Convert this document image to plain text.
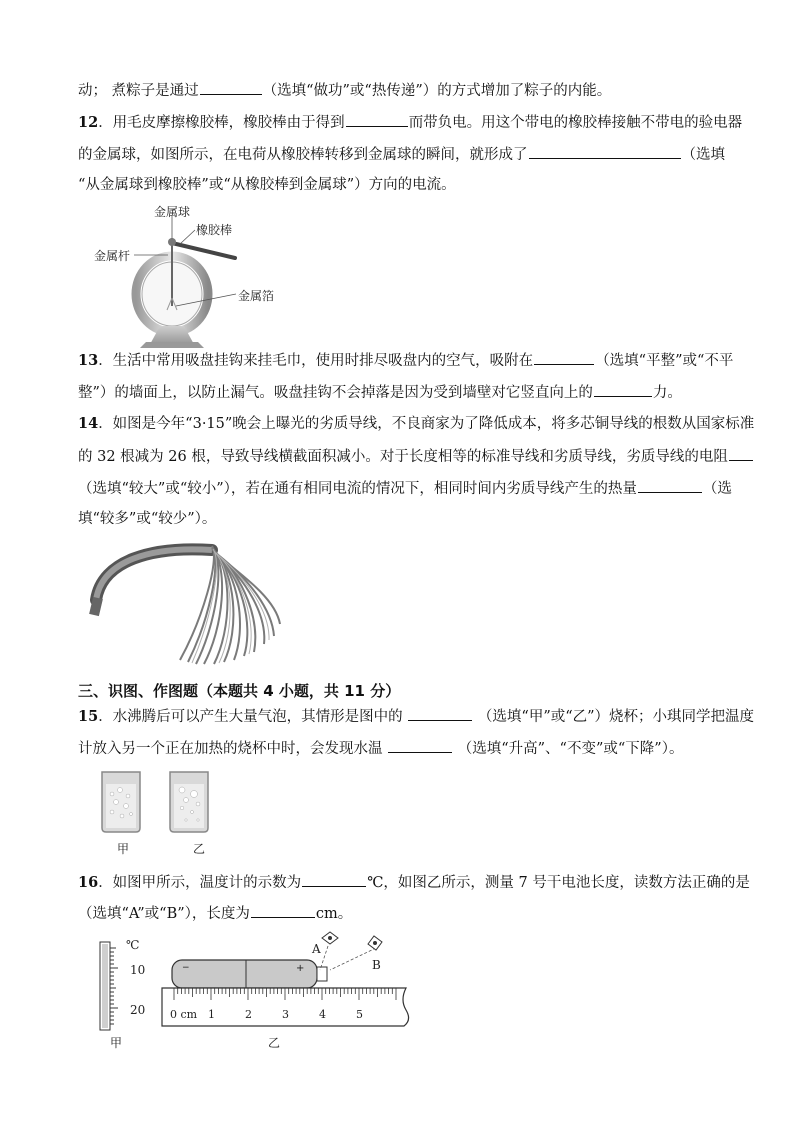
动； 煮粽子是通过	（选填“做功”或“热传递”）的方式增加了粽子的内能。
12．用毛皮摩擦橡胶棒，橡胶棒由于得到	而带负电。用这个带电的橡胶棒接触不带电的验电器
的金属球，如图所示，在电荷从橡胶棒转移到金属球的瞬间，就形成了	（选填
“从金属球到橡胶棒”或“从橡胶棒到金属球”）方向的电流。
金属球
橡胶棒
金属杆
金属箔
13．生活中常用吸盘挂钩来挂毛巾，使用时排尽吸盘内的空气，吸附在	（选填“平整”或“不平
整”）的墙面上，以防止漏气。吸盘挂钩不会掉落是因为受到墙壁对它竖直向上的	力。
14．如图是今年“3·15”晚会上曝光的劣质导线，不良商家为了降低成本，将多芯铜导线的根数从国家标准
的 32 根减为 26 根，导致导线横截面积减小。对于长度相等的标准导线和劣质导线，劣质导线的电阻
（选填“较大”或“较小”），若在通有相同电流的情况下，相同时间内劣质导线产生的热量	（选
填“较多”或“较少”）。
三、识图、作图题（本题共 4 小题，共 11 分）
15．水沸腾后可以产生大量气泡，其情形是图中的	（选填“甲”或“乙”）烧杯；小琪同学把温度
计放入另一个正在加热的烧杯中时，会发现水温	（选填“升高”、“不变”或“下降”）。
甲	乙
16．如图甲所示，温度计的示数为	℃，如图乙所示，测量 7 号干电池长度，读数方法正确的是
（选填“A”或“B”），长度为	cm。
℃
10
20
甲
−	+
A
B
0 cm 1	2	3	4	5
乙
